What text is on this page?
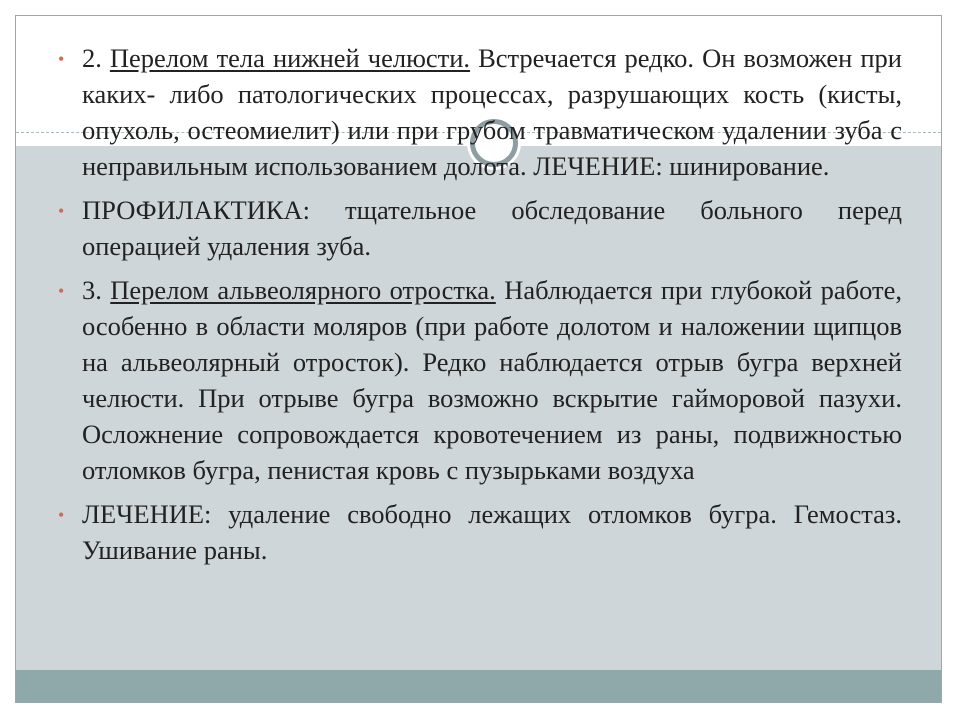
• 2. Перелом тела нижней челюсти. Встречается редко. Он возможен при каких- либо патологических процессах, разрушающих кость (кисты, опухоль, остеомиелит) или при грубом травматическом удалении зуба с неправильным использованием долота. ЛЕЧЕНИЕ: шинирование.
• ПРОФИЛАКТИКА: тщательное обследование больного перед операцией удаления зуба.
• 3. Перелом альвеолярного отростка. Наблюдается при глубокой работе, особенно в области моляров (при работе долотом и наложении щипцов на альвеолярный отросток). Редко наблюдается отрыв бугра верхней челюсти. При отрыве бугра возможно вскрытие гайморовой пазухи. Осложнение сопровождается кровотечением из раны, подвижностью отломков бугра, пенистая кровь с пузырьками воздуха
• ЛЕЧЕНИЕ: удаление свободно лежащих отломков бугра. Гемостаз. Ушивание раны.
